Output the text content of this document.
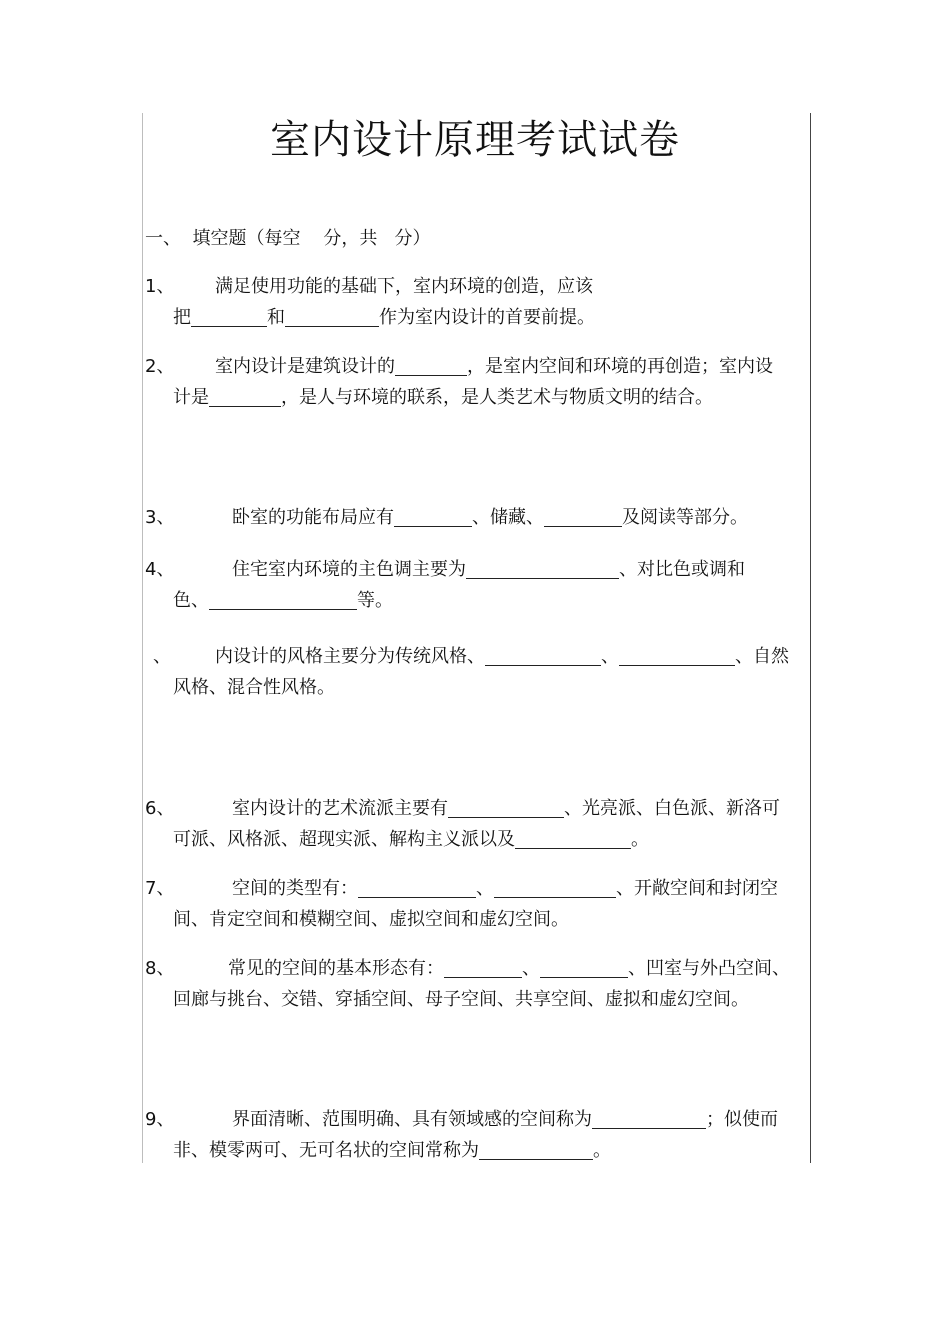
室内设计原理考试试卷
一、  填空题（每空    分，共   分）
1、 满足使用功能的基础下，室内环境的创造，应该
把	和	作为室内设计的首要前提。
2、 室内设计是建筑设计的	，是室内空间和环境的再创造；室内设
计是	，是人与环境的联系，是人类艺术与物质文明的结合。
3、	卧室的功能布局应有	、储藏、	及阅读等部分。
4、	住宅室内环境的主色调主要为	、对比色或调和
色、	等。
、 内设计的风格主要分为传统风格、	、	、自然
风格、混合性风格。
6、	室内设计的艺术流派主要有	、光亮派、白色派、新洛可
可派、风格派、超现实派、解构主义派以及	。
7、	空间的类型有：	、	、开敞空间和封闭空
间、肯定空间和模糊空间、虚拟空间和虚幻空间。
8、	常见的空间的基本形态有：	、	、凹室与外凸空间、
回廊与挑台、交错、穿插空间、母子空间、共享空间、虚拟和虚幻空间。
9、	界面清晰、范围明确、具有领域感的空间称为	；似使而
非、模零两可、无可名状的空间常称为	。
